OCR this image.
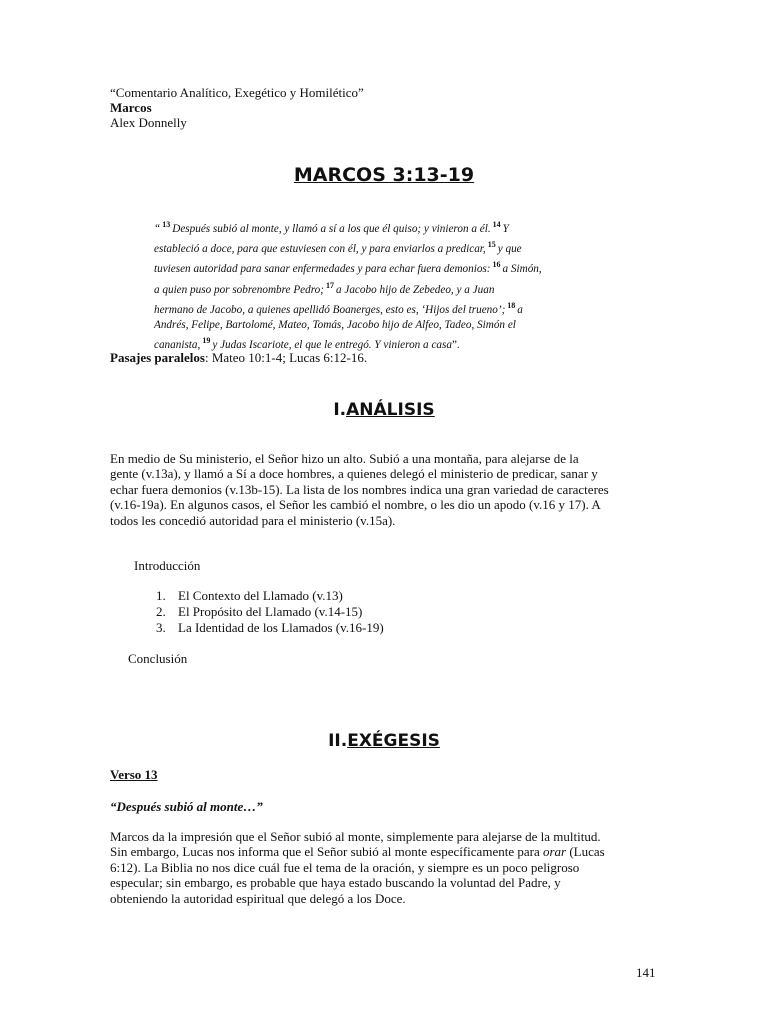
“Comentario Analítico, Exegético y Homilético”
Marcos
Alex Donnelly
MARCOS 3:13-19
“ $^{13}$ Después subió al monte, y llamó a sí a los que él quiso; y vinieron a él. $^{14}$ Y
estableció a doce, para que estuviesen con él, y para enviarlos a predicar, $^{15}$ y que
tuviesen autoridad para sanar enfermedades y para echar fuera demonios: $^{16}$ a Simón,
a quien puso por sobrenombre Pedro; $^{17}$ a Jacobo hijo de Zebedeo, y a Juan
hermano de Jacobo, a quienes apellidó Boanerges, esto es, ‘Hijos del trueno’; $^{18}$ a
Andrés, Felipe, Bartolomé, Mateo, Tomás, Jacobo hijo de Alfeo, Tadeo, Simón el
cananista, $^{19}$ y Judas Iscariote, el que le entregó. Y vinieron a casa”.
Pasajes paralelos: Mateo 10:1-4; Lucas 6:12-16.
I.ANÁLISIS
En medio de Su ministerio, el Señor hizo un alto. Subió a una montaña, para alejarse de la
gente (v.13a), y llamó a Sí a doce hombres, a quienes delegó el ministerio de predicar, sanar y
echar fuera demonios (v.13b-15). La lista de los nombres indica una gran variedad de caracteres
(v.16-19a). En algunos casos, el Señor les cambió el nombre, o les dio un apodo (v.16 y 17). A
todos les concedió autoridad para el ministerio (v.15a).
Introducción
1. El Contexto del Llamado (v.13)
2. El Propósito del Llamado (v.14-15)
3. La Identidad de los Llamados (v.16-19)
Conclusión
II.EXÉGESIS
Verso 13
“Después subió al monte…”
Marcos da la impresión que el Señor subió al monte, simplemente para alejarse de la multitud.
Sin embargo, Lucas nos informa que el Señor subió al monte específicamente para orar (Lucas
6:12). La Biblia no nos dice cuál fue el tema de la oración, y siempre es un poco peligroso
especular; sin embargo, es probable que haya estado buscando la voluntad del Padre, y
obteniendo la autoridad espiritual que delegó a los Doce.
141
